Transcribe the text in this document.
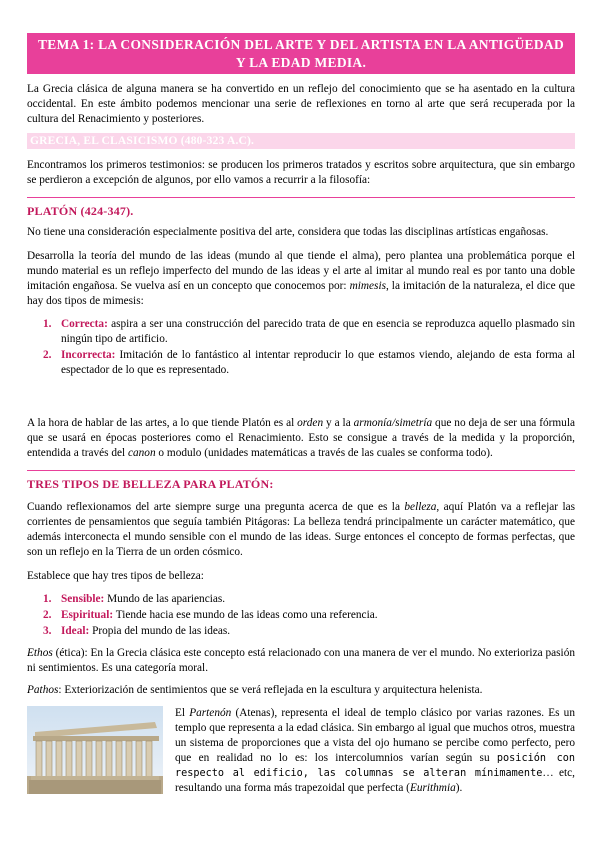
TEMA 1: LA CONSIDERACIÓN DEL ARTE Y DEL ARTISTA EN LA ANTIGÜEDAD Y LA EDAD MEDIA.

La Grecia clásica de alguna manera se ha convertido en un reflejo del conocimiento que se ha asentado en la cultura occidental. En este ámbito podemos mencionar una serie de reflexiones en torno al arte que será recuperada por la cultura del Renacimiento y posteriores.

GRECIA, EL CLASICISMO (480-323 A.C).

Encontramos los primeros testimonios: se producen los primeros tratados y escritos sobre arquitectura, que sin embargo se perdieron a excepción de algunos, por ello vamos a recurrir a la filosofía:

PLATÓN (424-347).

No tiene una consideración especialmente positiva del arte, considera que todas las disciplinas artísticas engañosas.

Desarrolla la teoría del mundo de las ideas (mundo al que tiende el alma), pero plantea una problemática porque el mundo material es un reflejo imperfecto del mundo de las ideas y el arte al imitar al mundo real es por tanto una doble imitación engañosa. Se vuelva así en un concepto que conocemos por: mimesis, la imitación de la naturaleza, el dice que hay dos tipos de mimesis:

1. Correcta: aspira a ser una construcción del parecido trata de que en esencia se reproduzca aquello plasmado sin ningún tipo de artificio.
2. Incorrecta: Imitación de lo fantástico al intentar reproducir lo que estamos viendo, alejando de esta forma al espectador de lo que es representado.

A la hora de hablar de las artes, a lo que tiende Platón es al orden y a la armonía/simetría que no deja de ser una fórmula que se usará en épocas posteriores como el Renacimiento. Esto se consigue a través de la medida y la proporción, entendida a través del canon o modulo (unidades matemáticas a través de las cuales se conforma todo).

TRES TIPOS DE BELLEZA PARA PLATÓN:

Cuando reflexionamos del arte siempre surge una pregunta acerca de que es la belleza, aquí Platón va a reflejar las corrientes de pensamientos que seguía también Pitágoras: La belleza tendrá principalmente un carácter matemático, que además interconecta el mundo sensible con el mundo de las ideas. Surge entonces el concepto de formas perfectas, que son un reflejo en la Tierra de un orden cósmico.

Establece que hay tres tipos de belleza:

1. Sensible: Mundo de las apariencias.
2. Espiritual: Tiende hacia ese mundo de las ideas como una referencia.
3. Ideal: Propia del mundo de las ideas.

Ethos (ética): En la Grecia clásica este concepto está relacionado con una manera de ver el mundo. No exterioriza pasión ni sentimientos. Es una categoría moral.

Pathos: Exteriorización de sentimientos que se verá reflejada en la escultura y arquitectura helenista.

El Partenón (Atenas), representa el ideal de templo clásico por varias razones. Es un templo que representa a la edad clásica. Sin embargo al igual que muchos otros, muestra un sistema de proporciones que a vista del ojo humano se percibe como perfecto, pero que en realidad no lo es: los intercolumnios varían según su posición con respecto al edificio, las columnas se alteran mínimamente… etc, resultando una forma más trapezoidal que perfecta (Eurithmia).
